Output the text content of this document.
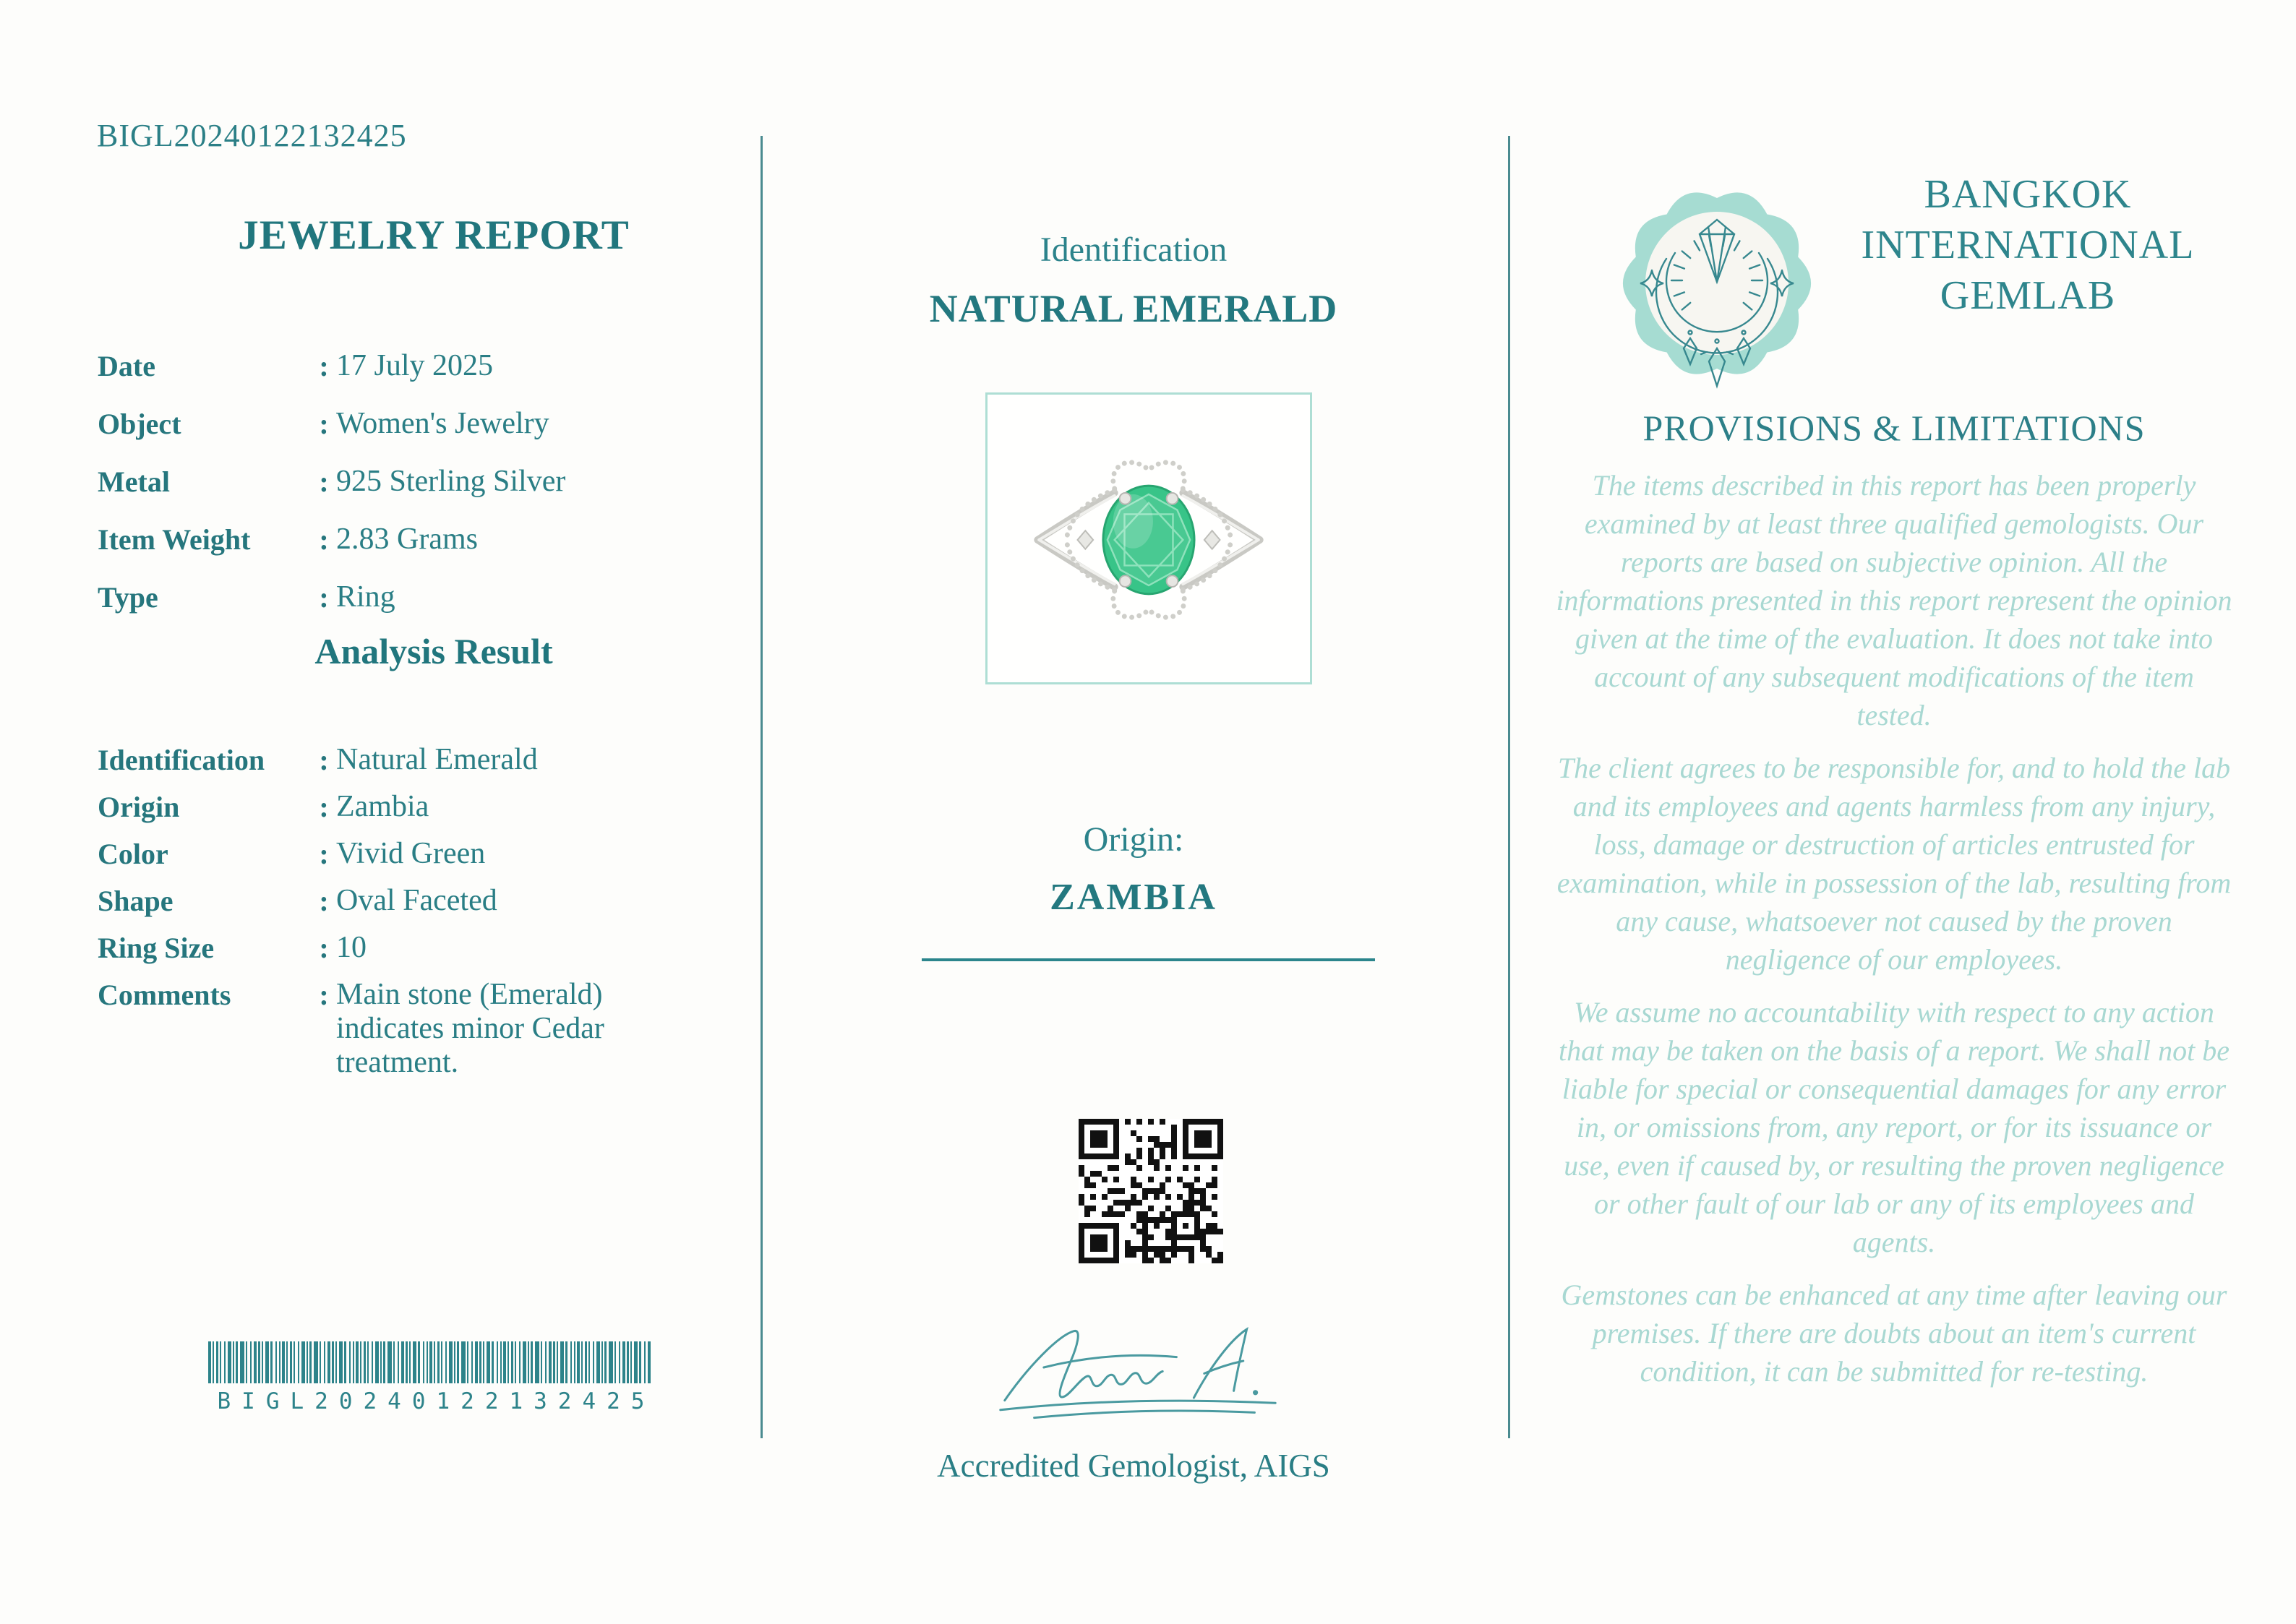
BIGL20240122132425
JEWELRY REPORT
Date	: 17 July 2025
Object	: Women's Jewelry
Metal	: 925 Sterling Silver
Item Weight	: 2.83 Grams
Type	: Ring
Analysis Result
Identification	: Natural Emerald
Origin	: Zambia
Color	: Vivid Green
Shape	: Oval Faceted
Ring Size	: 10
Comments	: Main stone (Emerald) indicates minor Cedar treatment.
BIGL20240122132425
Identification
NATURAL EMERALD
Origin:
ZAMBIA
Accredited Gemologist, AIGS
BANGKOK
INTERNATIONAL
GEMLAB
PROVISIONS & LIMITATIONS

The items described in this report has been properly examined by at least three qualified gemologists. Our reports are based on subjective opinion. All the informations presented in this report represent the opinion given at the time of the evaluation. It does not take into account of any subsequent modifications of the item tested.

The client agrees to be responsible for, and to hold the lab and its employees and agents harmless from any injury, loss, damage or destruction of articles entrusted for examination, while in possession of the lab, resulting from any cause, whatsoever not caused by the proven negligence of our employees.

We assume no accountability with respect to any action that may be taken on the basis of a report. We shall not be liable for special or consequential damages for any error in, or omissions from, any report, or for its issuance or use, even if caused by, or resulting the proven negligence or other fault of our lab or any of its employees and agents.

Gemstones can be enhanced at any time after leaving our premises. If there are doubts about an item's current condition, it can be submitted for re-testing.
